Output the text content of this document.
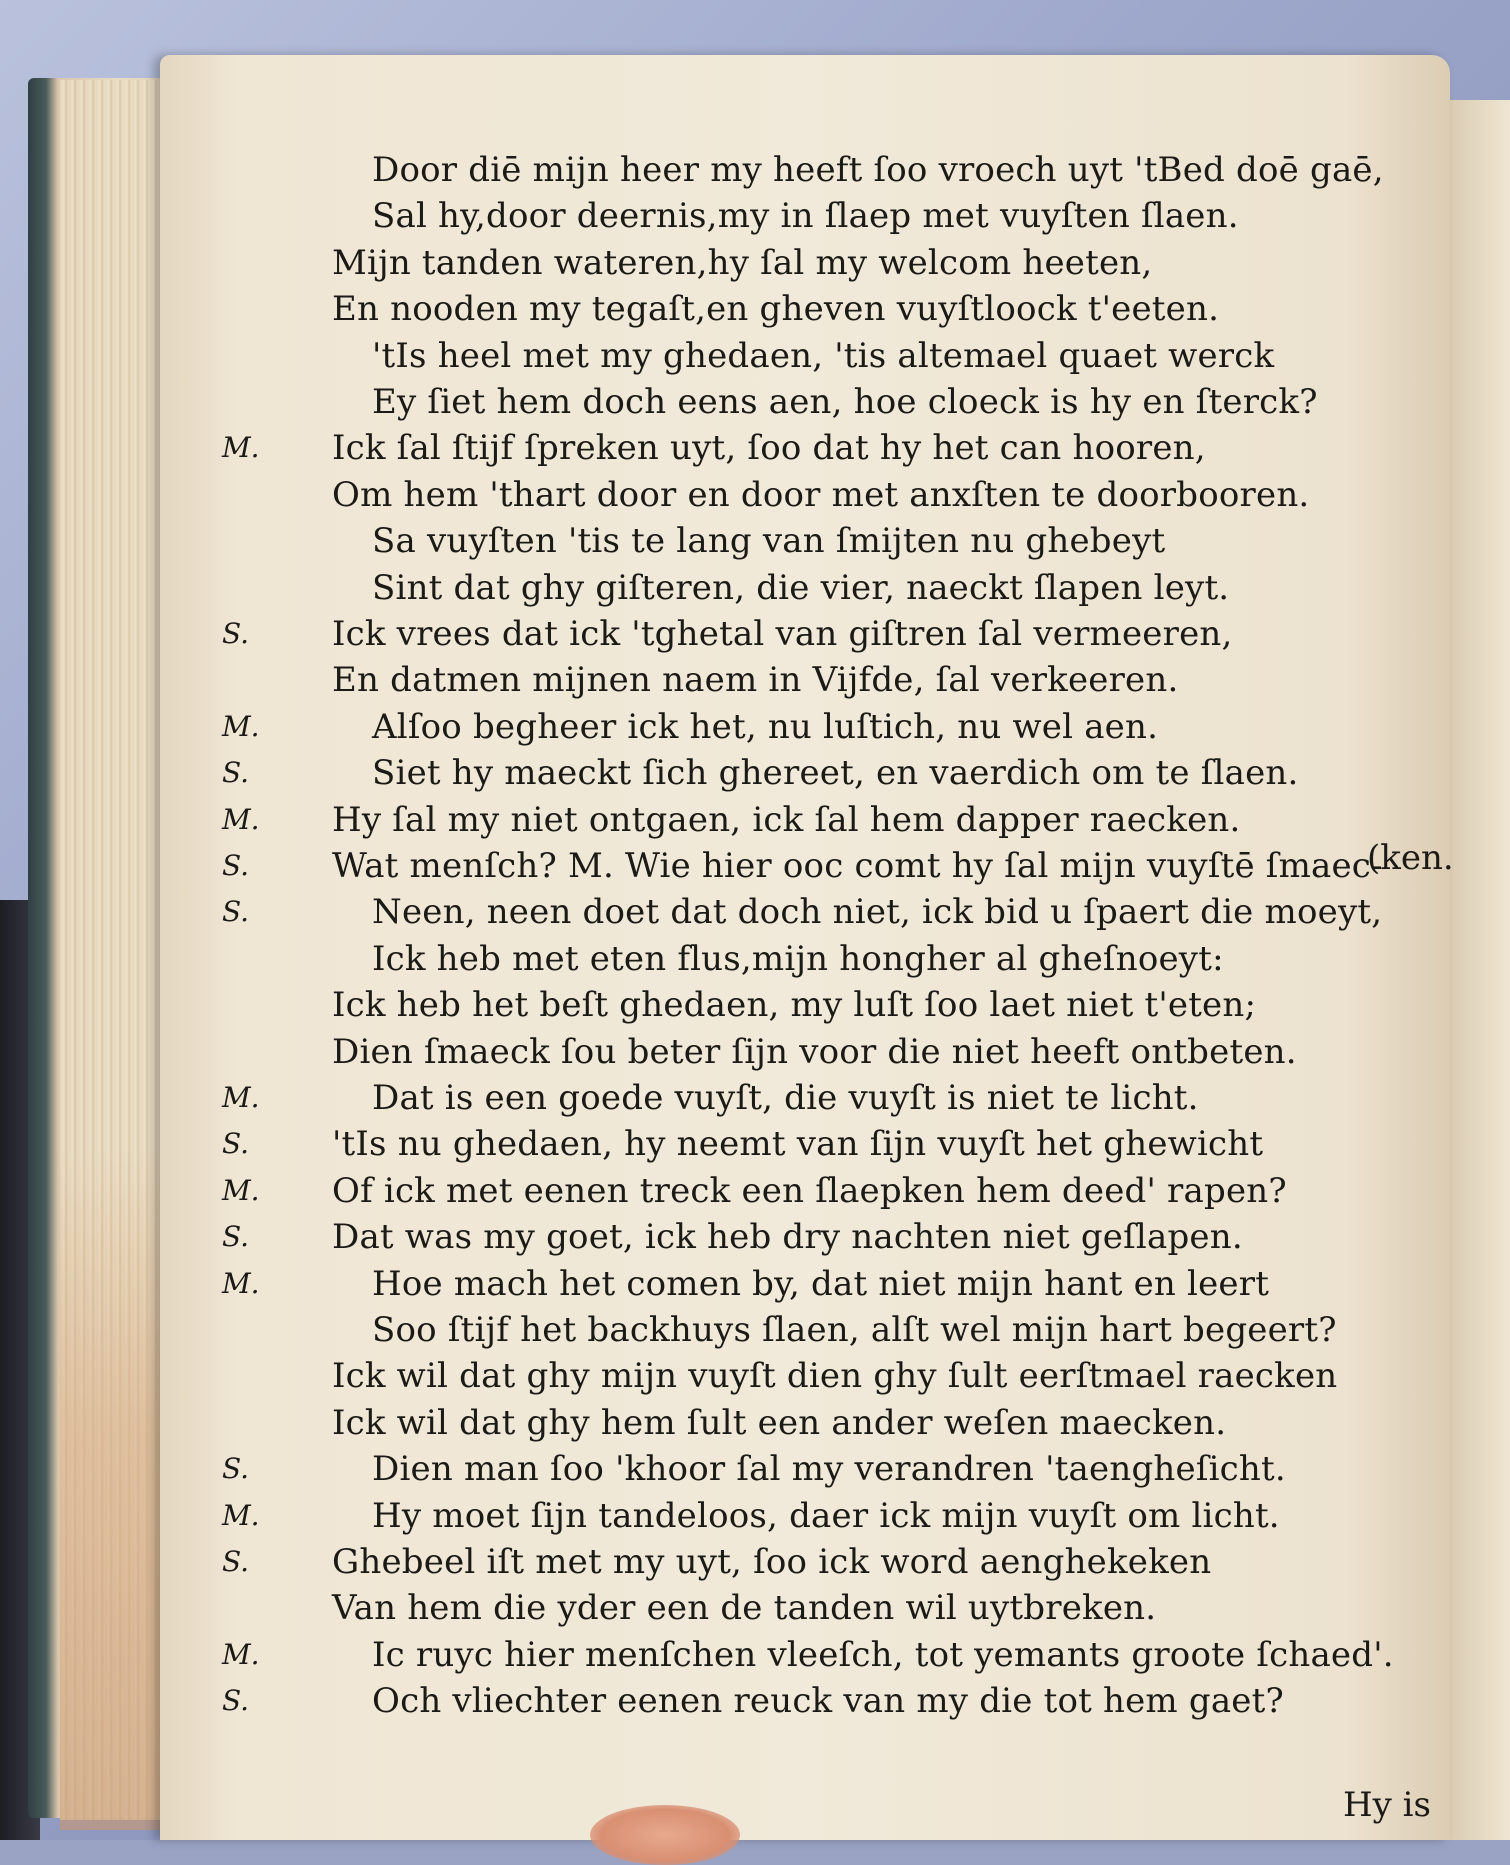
Door diē mijn heer my heeft ſoo vroech uyt 'tBed doē gaē,
Sal hy,door deernis,my in ſlaep met vuyſten ſlaen.
Mijn tanden wateren,hy ſal my welcom heeten,
En nooden my tegaſt,en gheven vuyſtloock t'eeten.
'tIs heel met my ghedaen, 'tis altemael quaet werck
Ey ſiet hem doch eens aen, hoe cloeck is hy en ſterck?
M. Ick ſal ſtijf ſpreken uyt, ſoo dat hy het can hooren,
Om hem 'thart door en door met anxſten te doorbooren.
Sa vuyſten 'tis te lang van ſmijten nu ghebeyt
Sint dat ghy giſteren, die vier, naeckt ſlapen leyt.
S. Ick vrees dat ick 'tghetal van giſtren ſal vermeeren,
En datmen mijnen naem in Vijfde, ſal verkeeren.
M.	Alſoo begheer ick het, nu luſtich, nu wel aen.
S.	Siet hy maeckt ſich ghereet, en vaerdich om te ſlaen.
M. Hy ſal my niet ontgaen, ick ſal hem dapper raecken.
S. Wat menſch? M. Wie hier ooc comt hy ſal mijn vuyſtē ſmaec-
S.	Neen, neen doet dat doch niet, ick bid u ſpaert die moeyt,
Ick heb met eten flus,mijn hongher al gheſnoeyt:
Ick heb het beſt ghedaen, my luſt ſoo laet niet t'eten;
Dien ſmaeck ſou beter ſijn voor die niet heeft ontbeten.
M.	Dat is een goede vuyſt, die vuyſt is niet te licht.
S. 'tIs nu ghedaen, hy neemt van ſijn vuyſt het ghewicht
M. Of ick met eenen treck een ſlaepken hem deed' rapen?
S. Dat was my goet, ick heb dry nachten niet geſlapen.
M.	Hoe mach het comen by, dat niet mijn hant en leert
Soo ſtijf het backhuys ſlaen, alſt wel mijn hart begeert?
Ick wil dat ghy mijn vuyſt dien ghy ſult eerſtmael raecken
Ick wil dat ghy hem ſult een ander weſen maecken.
S.	Dien man ſoo 'khoor ſal my verandren 'taengheſicht.
M.	Hy moet ſijn tandeloos, daer ick mijn vuyſt om licht.
S. Ghebeel iſt met my uyt, ſoo ick word aenghekeken
Van hem die yder een de tanden wil uytbreken.
M.	Ic ruyc hier menſchen vleeſch, tot yemants groote ſchaed'.
S.	Och vliechter eenen reuck van my die tot hem gaet?
(ken.
Hy is
